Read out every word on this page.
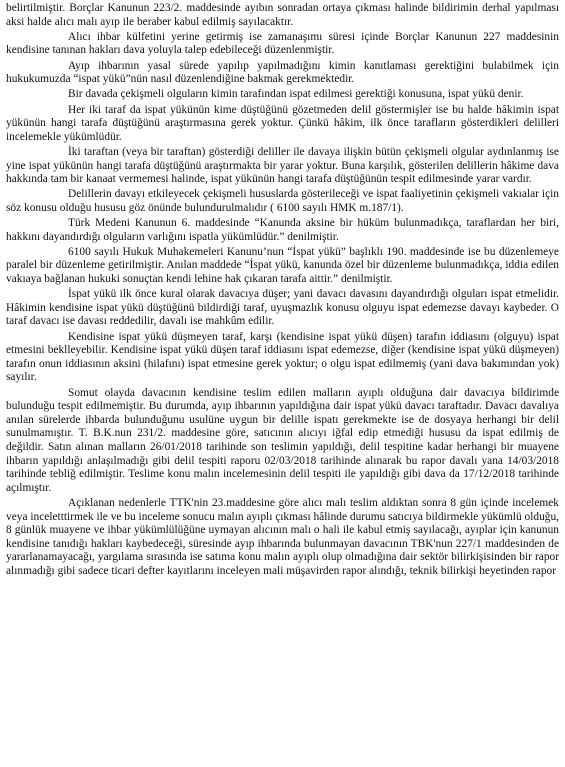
belirtilmiştir. Borçlar Kanunun 223/2. maddesinde ayıbın sonradan ortaya çıkması halinde bildirimin derhal yapılması aksi halde alıcı malı ayıp ile beraber kabul edilmiş sayılacaktır.

Alıcı ihbar külfetini yerine getirmiş ise zamanaşımı süresi içinde Borçlar Kanunun 227 maddesinin kendisine tanınan hakları dava yoluyla talep edebileceği düzenlenmiştir.

Ayıp ihbarının yasal sürede yapılıp yapılmadığını kimin kanıtlaması gerektiğini bulabilmek için hukukumuzda “ispat yükü”nün nasıl düzenlendiğine bakmak gerekmektedir.

Bir davada çekişmeli olguların kimin tarafından ispat edilmesi gerektiği konusuna, ispat yükü denir.

Her iki taraf da ispat yükünün kime düştüğünü gözetmeden delil göstermişler ise bu halde hâkimin ispat yükünün hangi tarafa düştüğünü araştırmasına gerek yoktur. Çünkü hâkim, ilk önce tarafların gösterdikleri delilleri incelemekle yükümlüdür.

İki taraftan (veya bir taraftan) gösterdiği deliller ile davaya ilişkin bütün çekişmeli olgular aydınlanmış ise yine ispat yükünün hangi tarafa düştüğünü araştırmakta bir yarar yoktur. Buna karşılık, gösterilen delillerin hâkime dava hakkında tam bir kanaat vermemesi halinde, ispat yükünün hangi tarafa düştüğünün tespit edilmesinde yarar vardır.

Delillerin davayı etkileyecek çekişmeli hususlarda gösterileceği ve ispat faaliyetinin çekişmeli vakıalar için söz konusu olduğu hususu göz önünde bulundurulmalıdır ( 6100 sayılı HMK m.187/1).

Türk Medeni Kanunun 6. maddesinde “Kanunda aksine bir hüküm bulunmadıkça, taraflardan her biri, hakkını dayandırdığı olguların varlığını ispatla yükümlüdür.” denilmiştir.

6100 sayılı Hukuk Muhakemeleri Kanunu’nun “İspat yükü” başlıklı 190. maddesinde ise bu düzenlemeye paralel bir düzenleme getirilmiştir. Anılan maddede “İspat yükü, kanunda özel bir düzenleme bulunmadıkça, iddia edilen vakıaya bağlanan hukuki sonuçtan kendi lehine hak çıkaran tarafa aittir.” denilmiştir.

İspat yükü ilk önce kural olarak davacıya düşer; yani davacı davasını dayandırdığı olguları ispat etmelidir. Hâkimin kendisine ispat yükü düştüğünü bildirdiği taraf, uyuşmazlık konusu olguyu ispat edemezse davayı kaybeder. O taraf davacı ise davası reddedilir, davalı ise mahkûm edilir.

Kendisine ispat yükü düşmeyen taraf, karşı (kendisine ispat yükü düşen) tarafın iddiasını (olguyu) ispat etmesini beklleyebilir. Kendisine ispat yükü düşen taraf iddiasını ispat edemezse, diğer (kendisine ispat yükü düşmeyen) tarafın onun iddiasının aksini (hilafını) ispat etmesine gerek yoktur; o olgu ispat edilmemiş (yani dava bakımından yok) sayılır.

Somut olayda davacının kendisine teslim edilen malların ayıplı olduğuna dair davacıya bildirimde bulunduğu tespit edilmemiştir. Bu durumda, ayıp ihbarının yapıldığına dair ispat yükü davacı taraftadır. Davacı davalıya anılan sürelerde ihbarda bulunduğunu usulüne uygun bir delille ispatı gerekmekte ise de dosyaya herhangi bir delil sunulmamıştır. T. B.K.nun 231/2. maddesine göre, satıcının alıcıyı iğfal edip etmediği hususu da ispat edilmiş de değildir. Satın alınan malların 26/01/2018 tarihinde son teslimin yapıldığı, delil tespitine kadar herhangi bir muayene ihbarın yapıldığı anlaşılmadığı gibi delil tespiti raporu 02/03/2018 tarihinde alınarak bu rapor davalı yana 14/03/2018 tarihinde tebliğ edilmiştir. Teslime konu malın incelemesinin delil tespiti ile yapıldığı gibi dava da 17/12/2018 tarihinde açılmıştır.

Açıklanan nedenlerle TTK'nin 23.maddesine göre alıcı malı teslim aldıktan sonra 8 gün içinde incelemek veya inceletttirmek ile ve bu inceleme sonucu malın ayıplı çıkması hâlinde durumu satıcıya bildirmekle yükümlü olduğu, 8 günlük muayene ve ihbar yükümlülüğüne uymayan alıcının malı o hali ile kabul etmiş sayılacağı, ayıplar için kanunun kendisine tanıdığı hakları kaybedeceği, süresinde ayıp ihbarında bulunmayan davacının TBK'nun 227/1 maddesinden de yararlanamayacağı, yargılama sırasında ise satıma konu malın ayıplı olup olmadığına dair sektör bilirkişisinden bir rapor alınmadığı gibi sadece ticari defter kayıtlarını inceleyen mali müşavirden rapor alındığı, teknik bilirkişi heyetinden rapor
